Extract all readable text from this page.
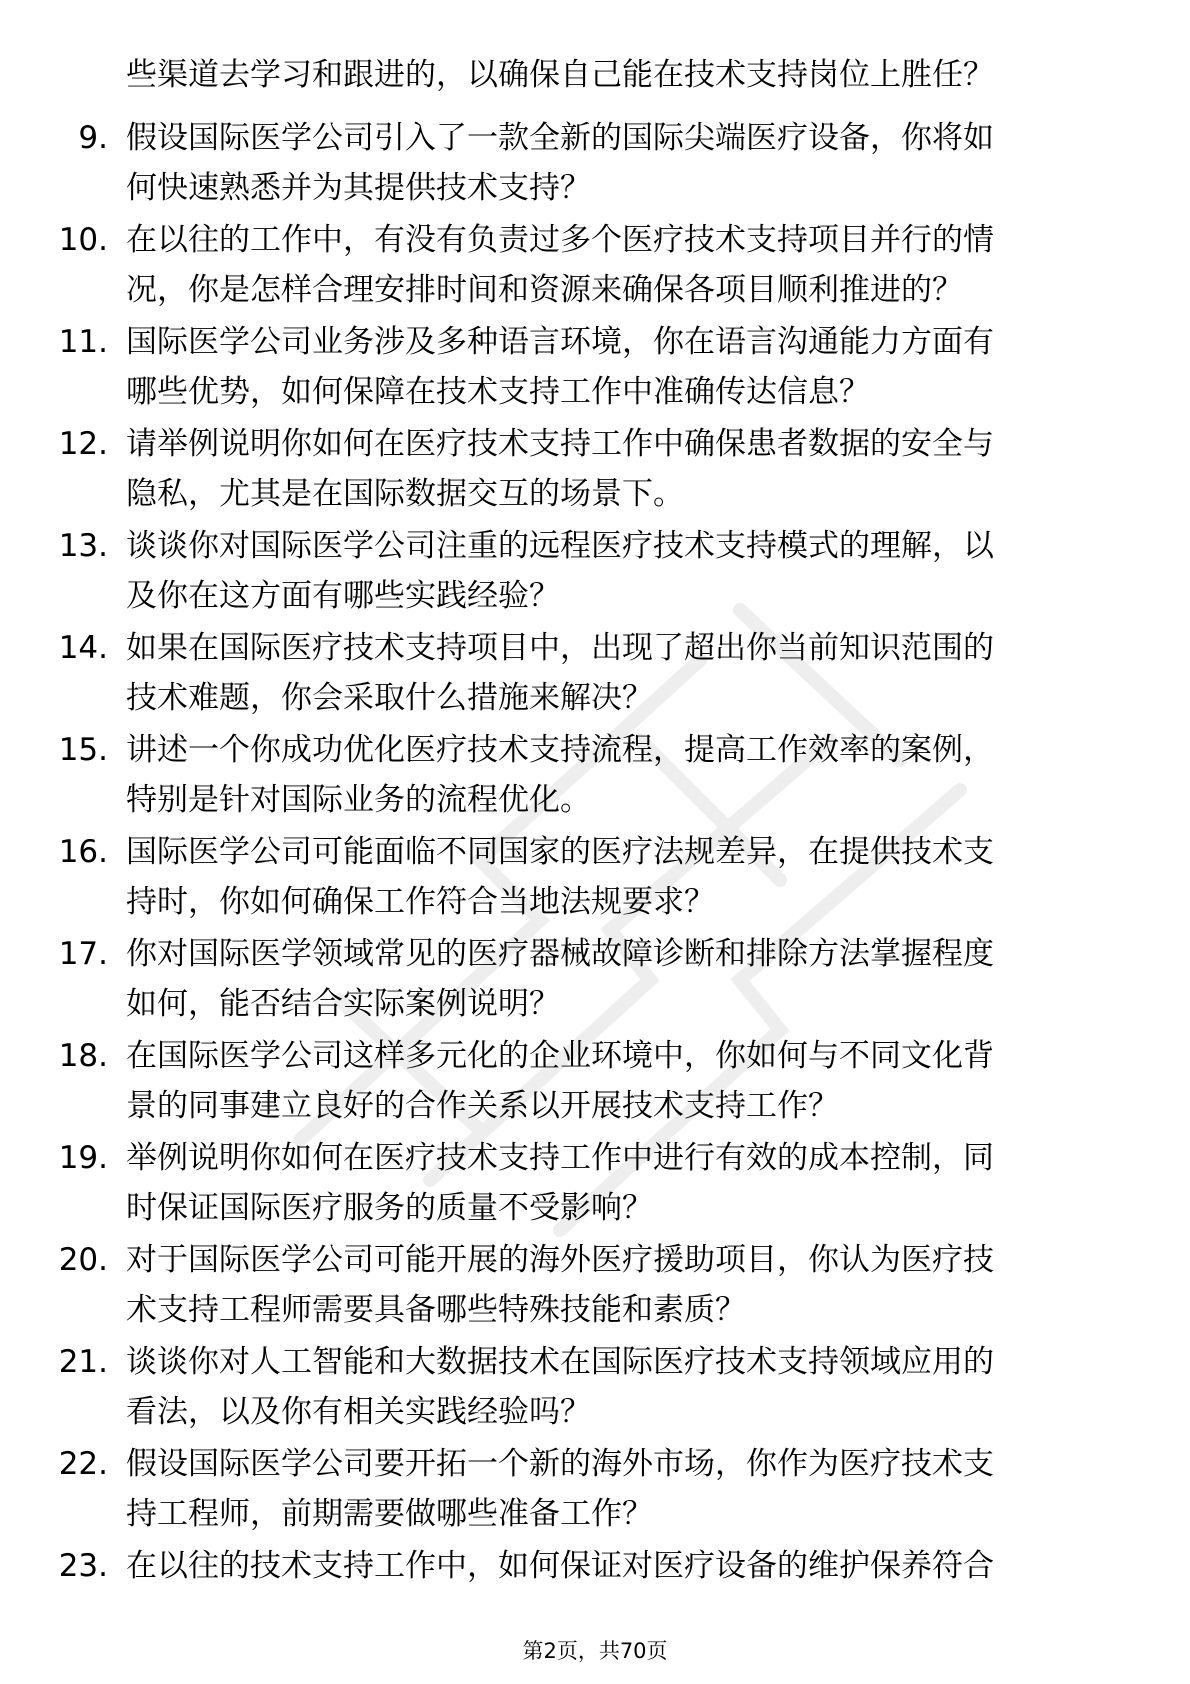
些渠道去学习和跟进的，以确保自己能在技术支持岗位上胜任？
9. 假设国际医学公司引入了一款全新的国际尖端医疗设备，你将如
何快速熟悉并为其提供技术支持？
10. 在以往的工作中，有没有负责过多个医疗技术支持项目并行的情
况，你是怎样合理安排时间和资源来确保各项目顺利推进的？
11. 国际医学公司业务涉及多种语言环境，你在语言沟通能力方面有
哪些优势，如何保障在技术支持工作中准确传达信息？
12. 请举例说明你如何在医疗技术支持工作中确保患者数据的安全与
隐私，尤其是在国际数据交互的场景下。
13. 谈谈你对国际医学公司注重的远程医疗技术支持模式的理解，以
及你在这方面有哪些实践经验？
14. 如果在国际医疗技术支持项目中，出现了超出你当前知识范围的
技术难题，你会采取什么措施来解决？
15. 讲述一个你成功优化医疗技术支持流程，提高工作效率的案例，
特别是针对国际业务的流程优化。
16. 国际医学公司可能面临不同国家的医疗法规差异，在提供技术支
持时，你如何确保工作符合当地法规要求？
17. 你对国际医学领域常见的医疗器械故障诊断和排除方法掌握程度
如何，能否结合实际案例说明？
18. 在国际医学公司这样多元化的企业环境中，你如何与不同文化背
景的同事建立良好的合作关系以开展技术支持工作？
19. 举例说明你如何在医疗技术支持工作中进行有效的成本控制，同
时保证国际医疗服务的质量不受影响？
20. 对于国际医学公司可能开展的海外医疗援助项目，你认为医疗技
术支持工程师需要具备哪些特殊技能和素质？
21. 谈谈你对人工智能和大数据技术在国际医疗技术支持领域应用的
看法，以及你有相关实践经验吗？
22. 假设国际医学公司要开拓一个新的海外市场，你作为医疗技术支
持工程师，前期需要做哪些准备工作？
23. 在以往的技术支持工作中，如何保证对医疗设备的维护保养符合
第2页，共70页
